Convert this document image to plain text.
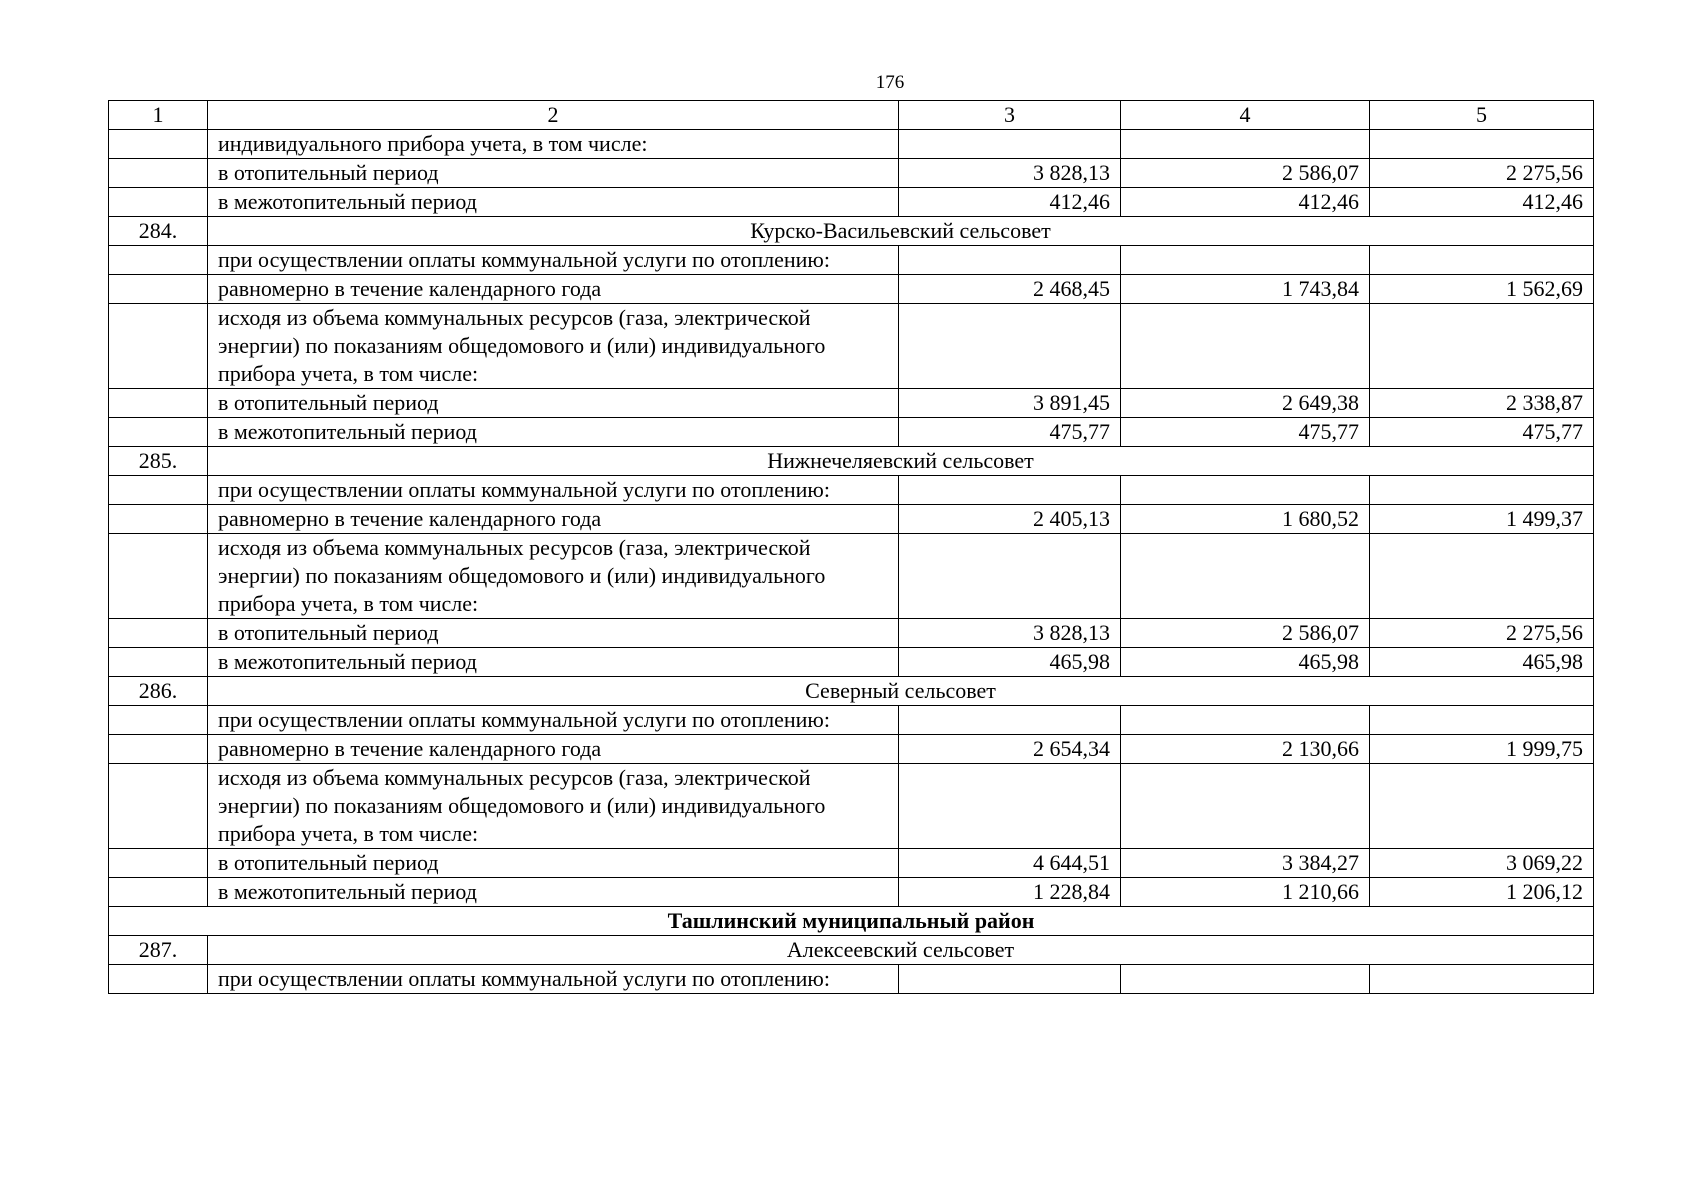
176
1	2	3	4	5
	индивидуального прибора учета, в том числе:			
	в отопительный период	3 828,13	2 586,07	2 275,56
	в межотопительный период	412,46	412,46	412,46
284.	Курско-Васильевский сельсовет			
	при осуществлении оплаты коммунальной услуги по отоплению:			
	равномерно в течение календарного года	2 468,45	1 743,84	1 562,69
	исходя из объема коммунальных ресурсов (газа, электрической энергии) по показаниям общедомового и (или) индивидуального прибора учета, в том числе:			
	в отопительный период	3 891,45	2 649,38	2 338,87
	в межотопительный период	475,77	475,77	475,77
285.	Нижнечеляевский сельсовет			
	при осуществлении оплаты коммунальной услуги по отоплению:			
	равномерно в течение календарного года	2 405,13	1 680,52	1 499,37
	исходя из объема коммунальных ресурсов (газа, электрической энергии) по показаниям общедомового и (или) индивидуального прибора учета, в том числе:			
	в отопительный период	3 828,13	2 586,07	2 275,56
	в межотопительный период	465,98	465,98	465,98
286.	Северный сельсовет			
	при осуществлении оплаты коммунальной услуги по отоплению:			
	равномерно в течение календарного года	2 654,34	2 130,66	1 999,75
	исходя из объема коммунальных ресурсов (газа, электрической энергии) по показаниям общедомового и (или) индивидуального прибора учета, в том числе:			
	в отопительный период	4 644,51	3 384,27	3 069,22
	в межотопительный период	1 228,84	1 210,66	1 206,12
Ташлинский муниципальный район				
287.	Алексеевский сельсовет			
	при осуществлении оплаты коммунальной услуги по отоплению:			
